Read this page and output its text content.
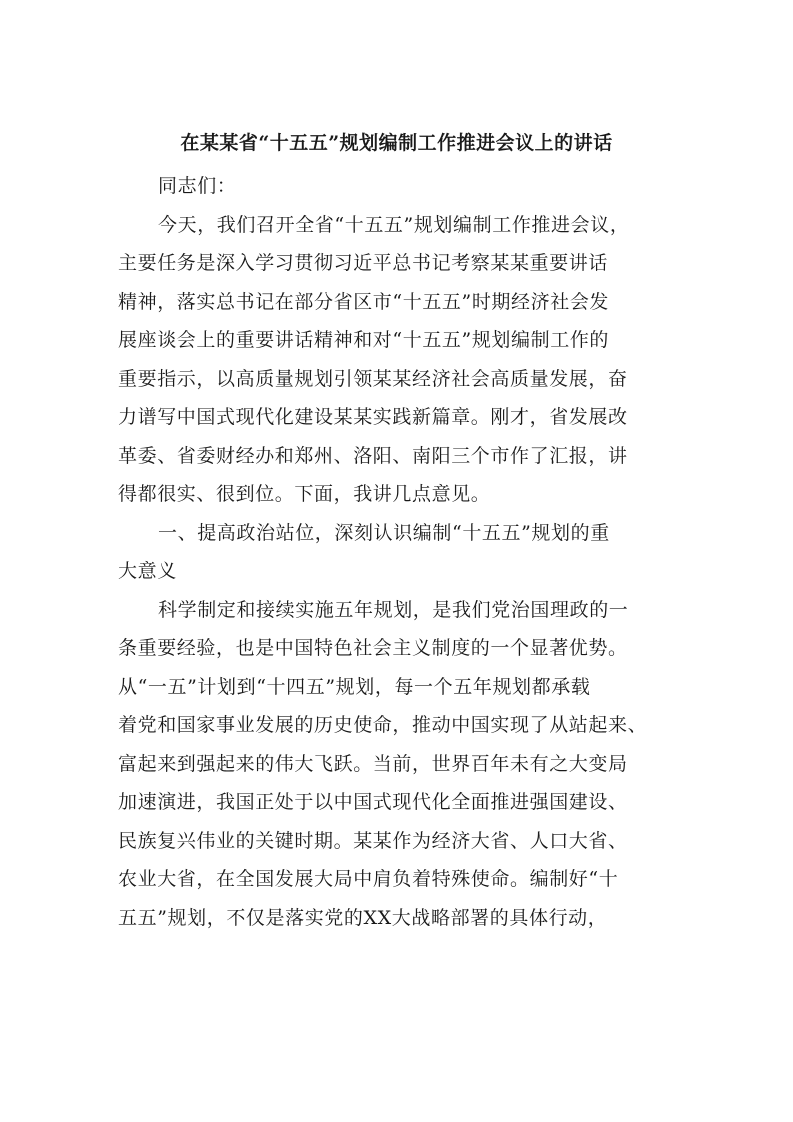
在某某省“十五五”规划编制工作推进会议上的讲话
同志们：
今天，我们召开全省“十五五”规划编制工作推进会议，
主要任务是深入学习贯彻习近平总书记考察某某重要讲话
精神，落实总书记在部分省区市“十五五”时期经济社会发
展座谈会上的重要讲话精神和对“十五五”规划编制工作的
重要指示，以高质量规划引领某某经济社会高质量发展，奋
力谱写中国式现代化建设某某实践新篇章。刚才，省发展改
革委、省委财经办和郑州、洛阳、南阳三个市作了汇报，讲
得都很实、很到位。下面，我讲几点意见。
一、提高政治站位，深刻认识编制“十五五”规划的重
大意义
科学制定和接续实施五年规划，是我们党治国理政的一
条重要经验，也是中国特色社会主义制度的一个显著优势。
从“一五”计划到“十四五”规划，每一个五年规划都承载
着党和国家事业发展的历史使命，推动中国实现了从站起来、
富起来到强起来的伟大飞跃。当前，世界百年未有之大变局
加速演进，我国正处于以中国式现代化全面推进强国建设、
民族复兴伟业的关键时期。某某作为经济大省、人口大省、
农业大省，在全国发展大局中肩负着特殊使命。编制好“十
五五”规划，不仅是落实党的XX大战略部署的具体行动，
